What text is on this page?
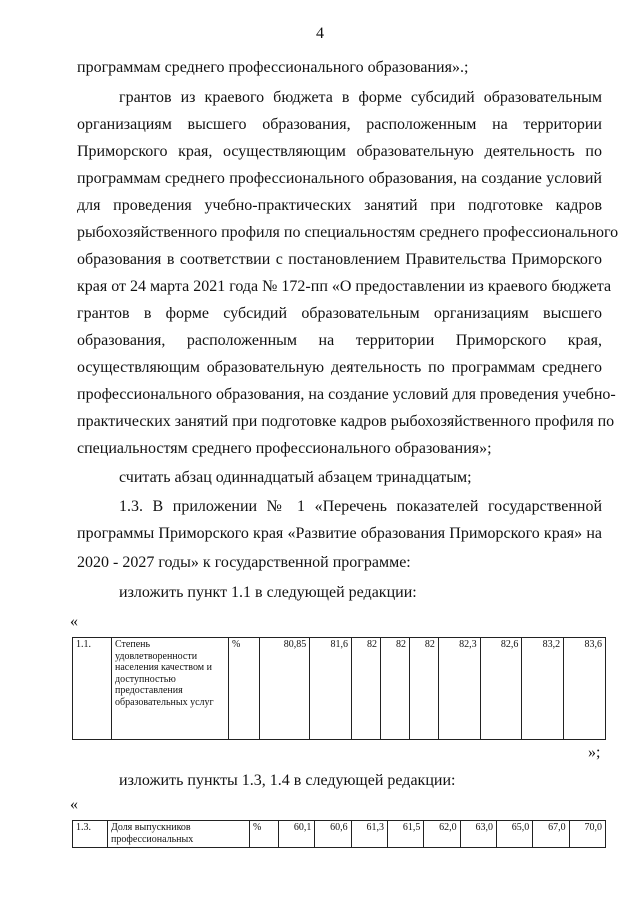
4
программам среднего профессионального образования».;
грантов из краевого бюджета в форме субсидий образовательным
организациям высшего образования, расположенным на территории
Приморского края, осуществляющим образовательную деятельность по
программам среднего профессионального образования, на создание условий
для проведения учебно-практических занятий при подготовке кадров
рыбохозяйственного профиля по специальностям среднего профессионального
образования в соответствии с постановлением Правительства Приморского
края от 24 марта 2021 года № 172-пп «О предоставлении из краевого бюджета
грантов в форме субсидий образовательным организациям высшего
образования, расположенным на территории Приморского края,
осуществляющим образовательную деятельность по программам среднего
профессионального образования, на создание условий для проведения учебно-
практических занятий при подготовке кадров рыбохозяйственного профиля по
специальностям среднего профессионального образования»;
считать абзац одиннадцатый абзацем тринадцатым;
1.3. В приложении № 1 «Перечень показателей государственной
программы Приморского края «Развитие образования Приморского края» на
2020 - 2027 годы» к государственной программе:
изложить пункт 1.1 в следующей редакции:
«
1.1.	Степень удовлетворенности населения качеством и доступностью предоставления образовательных услуг	%	80,85	81,6	82	82	82	82,3	82,6	83,2	83,6
»;
изложить пункты 1.3, 1.4 в следующей редакции:
«
1.3.	Доля выпускников профессиональных	%	60,1	60,6	61,3	61,5	62,0	63,0	65,0	67,0	70,0
